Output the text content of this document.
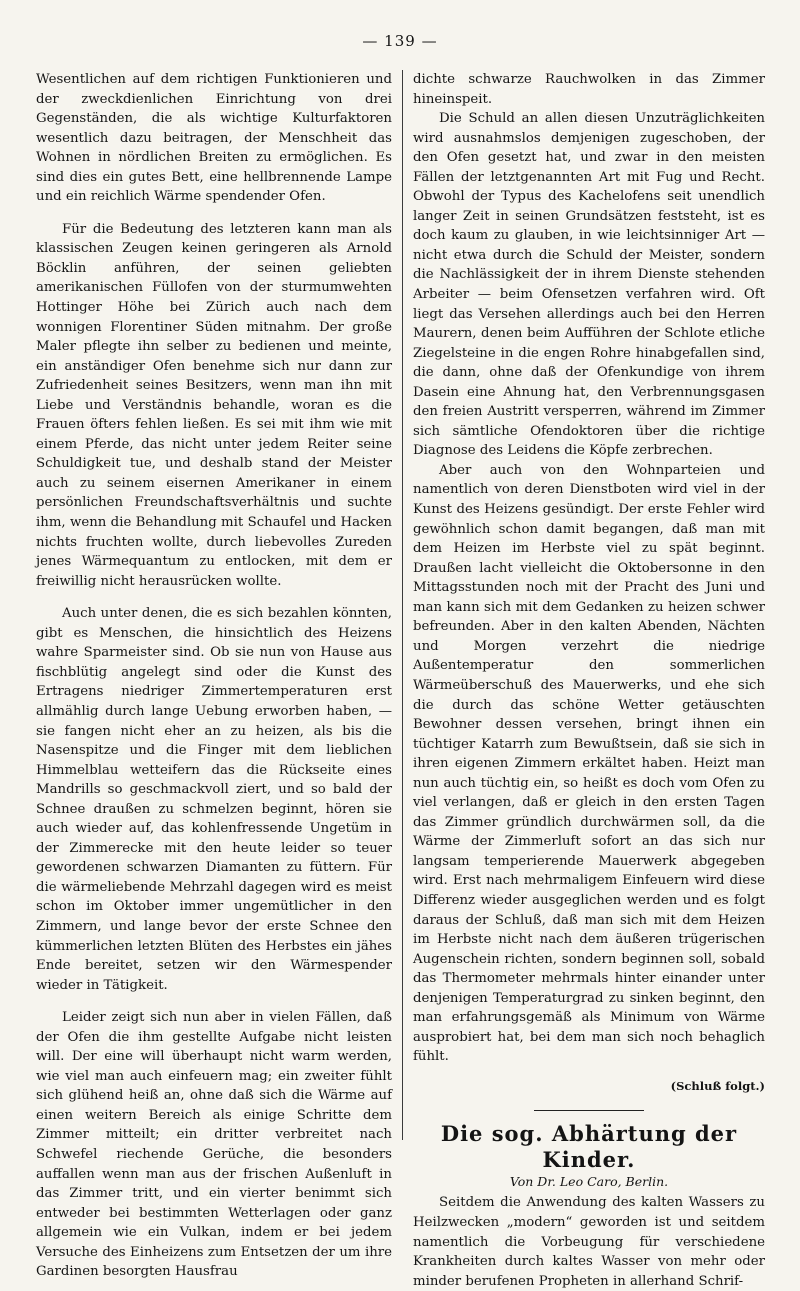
— 139 —

Wesentlichen auf dem richtigen Funktionieren und der zweckdienlichen Einrichtung von drei Gegenständen, die als wichtige Kulturfaktoren wesentlich dazu beitragen, der Menschheit das Wohnen in nördlichen Breiten zu ermöglichen. Es sind dies ein gutes Bett, eine hellbrennende Lampe und ein reichlich Wärme spendender Ofen.

Für die Bedeutung des letzteren kann man als klassischen Zeugen keinen geringeren als Arnold Böcklin anführen, der seinen geliebten amerikanischen Füllofen von der sturmumwehten Hottinger Höhe bei Zürich auch nach dem wonnigen Florentiner Süden mitnahm. Der große Maler pflegte ihn selber zu bedienen und meinte, ein anständiger Ofen benehme sich nur dann zur Zufriedenheit seines Besitzers, wenn man ihn mit Liebe und Verständnis behandle, woran es die Frauen öfters fehlen ließen. Es sei mit ihm wie mit einem Pferde, das nicht unter jedem Reiter seine Schuldigkeit tue, und deshalb stand der Meister auch zu seinem eisernen Amerikaner in einem persönlichen Freundschaftsverhältnis und suchte ihm, wenn die Behandlung mit Schaufel und Hacken nichts fruchten wollte, durch liebevolles Zureden jenes Wärmequantum zu entlocken, mit dem er freiwillig nicht herausrücken wollte.

Auch unter denen, die es sich bezahlen könnten, gibt es Menschen, die hinsichtlich des Heizens wahre Sparmeister sind. Ob sie nun von Hause aus fischblütig angelegt sind oder die Kunst des Ertragens niedriger Zimmertemperaturen erst allmählig durch lange Uebung erworben haben, — sie fangen nicht eher an zu heizen, als bis die Nasenspitze und die Finger mit dem lieblichen Himmelblau wetteifern das die Rückseite eines Mandrills so geschmackvoll ziert, und so bald der Schnee draußen zu schmelzen beginnt, hören sie auch wieder auf, das kohlenfressende Ungetüm in der Zimmerecke mit den heute leider so teuer gewordenen schwarzen Diamanten zu füttern. Für die wärmeliebende Mehrzahl dagegen wird es meist schon im Oktober immer ungemütlicher in den Zimmern, und lange bevor der erste Schnee den kümmerlichen letzten Blüten des Herbstes ein jähes Ende bereitet, setzen wir den Wärmespender wieder in Tätigkeit.

Leider zeigt sich nun aber in vielen Fällen, daß der Ofen die ihm gestellte Aufgabe nicht leisten will. Der eine will überhaupt nicht warm werden, wie viel man auch einfeuern mag; ein zweiter fühlt sich glühend heiß an, ohne daß sich die Wärme auf einen weitern Bereich als einige Schritte dem Zimmer mitteilt; ein dritter verbreitet nach Schwefel riechende Gerüche, die besonders auffallen wenn man aus der frischen Außenluft in das Zimmer tritt, und ein vierter benimmt sich entweder bei bestimmten Wetterlagen oder ganz allgemein wie ein Vulkan, indem er bei jedem Versuche des Einheizens zum Entsetzen der um ihre Gardinen besorgten Hausfrau

dichte schwarze Rauchwolken in das Zimmer hineinspeit.

Die Schuld an allen diesen Unzuträglichkeiten wird ausnahmslos demjenigen zugeschoben, der den Ofen gesetzt hat, und zwar in den meisten Fällen der letztgenannten Art mit Fug und Recht. Obwohl der Typus des Kachelofens seit unendlich langer Zeit in seinen Grundsätzen feststeht, ist es doch kaum zu glauben, in wie leichtsinniger Art — nicht etwa durch die Schuld der Meister, sondern die Nachlässigkeit der in ihrem Dienste stehenden Arbeiter — beim Ofensetzen verfahren wird. Oft liegt das Versehen allerdings auch bei den Herren Maurern, denen beim Aufführen der Schlote etliche Ziegelsteine in die engen Rohre hinabgefallen sind, die dann, ohne daß der Ofenkundige von ihrem Dasein eine Ahnung hat, den Verbrennungsgasen den freien Austritt versperren, während im Zimmer sich sämtliche Ofendoktoren über die richtige Diagnose des Leidens die Köpfe zerbrechen.

Aber auch von den Wohnparteien und namentlich von deren Dienstboten wird viel in der Kunst des Heizens gesündigt. Der erste Fehler wird gewöhnlich schon damit begangen, daß man mit dem Heizen im Herbste viel zu spät beginnt. Draußen lacht vielleicht die Oktobersonne in den Mittagsstunden noch mit der Pracht des Juni und man kann sich mit dem Gedanken zu heizen schwer befreunden. Aber in den kalten Abenden, Nächten und Morgen verzehrt die niedrige Außentemperatur den sommerlichen Wärmeüberschuß des Mauerwerks, und ehe sich die durch das schöne Wetter getäuschten Bewohner dessen versehen, bringt ihnen ein tüchtiger Katarrh zum Bewußtsein, daß sie sich in ihren eigenen Zimmern erkältet haben. Heizt man nun auch tüchtig ein, so heißt es doch vom Ofen zu viel verlangen, daß er gleich in den ersten Tagen das Zimmer gründlich durchwärmen soll, da die Wärme der Zimmerluft sofort an das sich nur langsam temperierende Mauerwerk abgegeben wird. Erst nach mehrmaligem Einfeuern wird diese Differenz wieder ausgeglichen werden und es folgt daraus der Schluß, daß man sich mit dem Heizen im Herbste nicht nach dem äußeren trügerischen Augenschein richten, sondern beginnen soll, sobald das Thermometer mehrmals hinter einander unter denjenigen Temperaturgrad zu sinken beginnt, den man erfahrungsgemäß als Minimum von Wärme ausprobiert hat, bei dem man sich noch behaglich fühlt.

(Schluß folgt.)
Die sog. Abhärtung der Kinder.
Von Dr. Leo Caro, Berlin.

Seitdem die Anwendung des kalten Wassers zu Heilzwecken „modern“ geworden ist und seitdem namentlich die Vorbeugung für verschiedene Krankheiten durch kaltes Wasser von mehr oder minder berufenen Propheten in allerhand Schrif-
